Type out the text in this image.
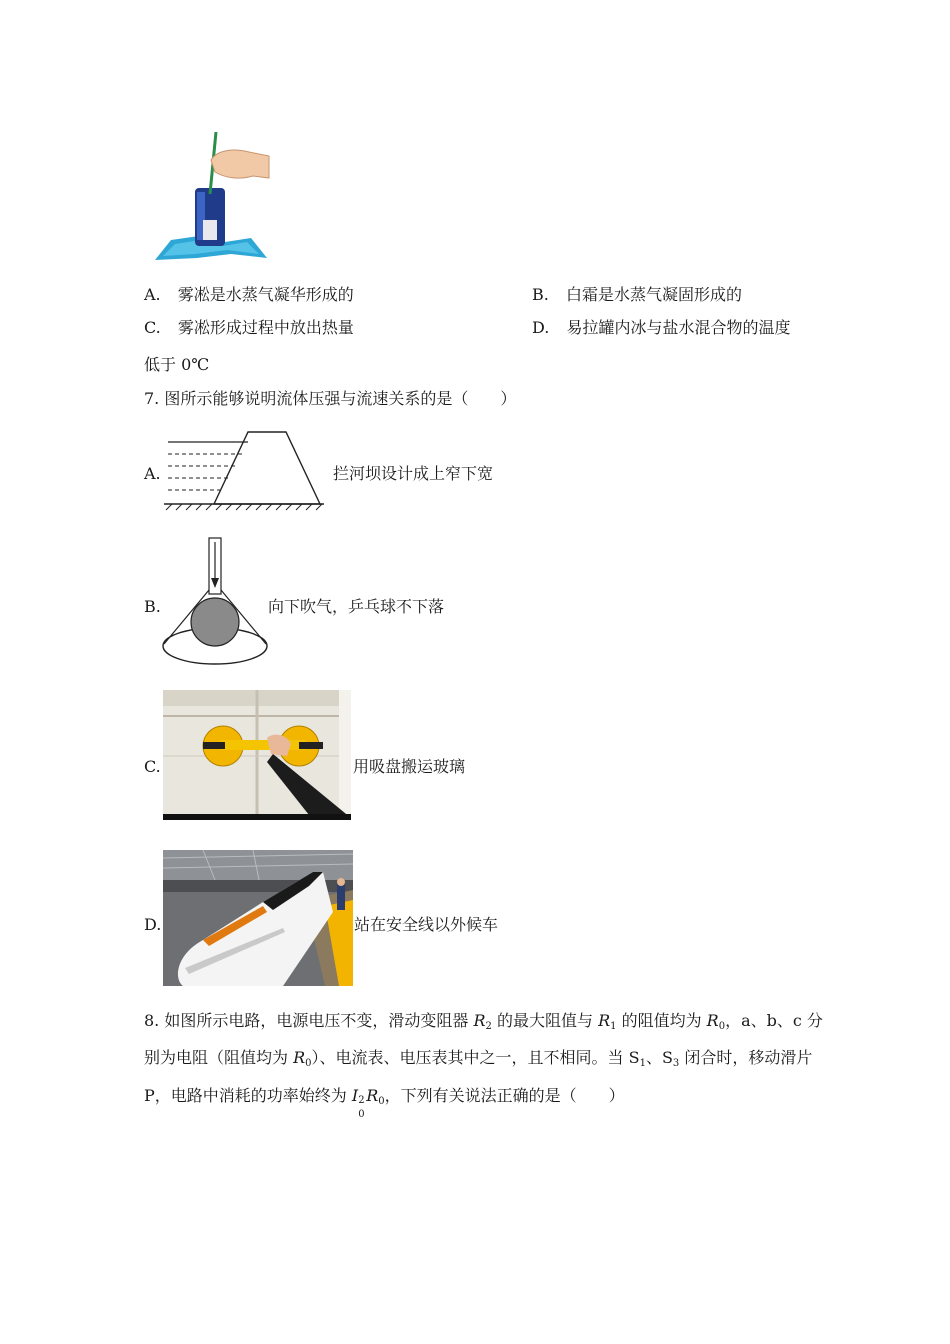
A. 雾凇是水蒸气凝华形成的	B. 白霜是水蒸气凝固形成的
C. 雾凇形成过程中放出热量	D. 易拉罐内冰与盐水混合物的温度
低于 0℃
7. 图所示能够说明流体压强与流速关系的是（　　）
A.	拦河坝设计成上窄下宽
B.	向下吹气，乒乓球不下落
C.	用吸盘搬运玻璃
D.	站在安全线以外候车
8. 如图所示电路，电源电压不变，滑动变阻器 $R_2$ 的最大阻值与 $R_1$ 的阻值均为 $R_0$，a、b、c 分
别为电阻（阻值均为 $R_0$）、电流表、电压表其中之一，且不相同。当 $S_1$、$S_3$ 闭合时，移动滑片
P，电路中消耗的功率始终为 I 2
0
$R_0$，下列有关说法正确的是（　　）
